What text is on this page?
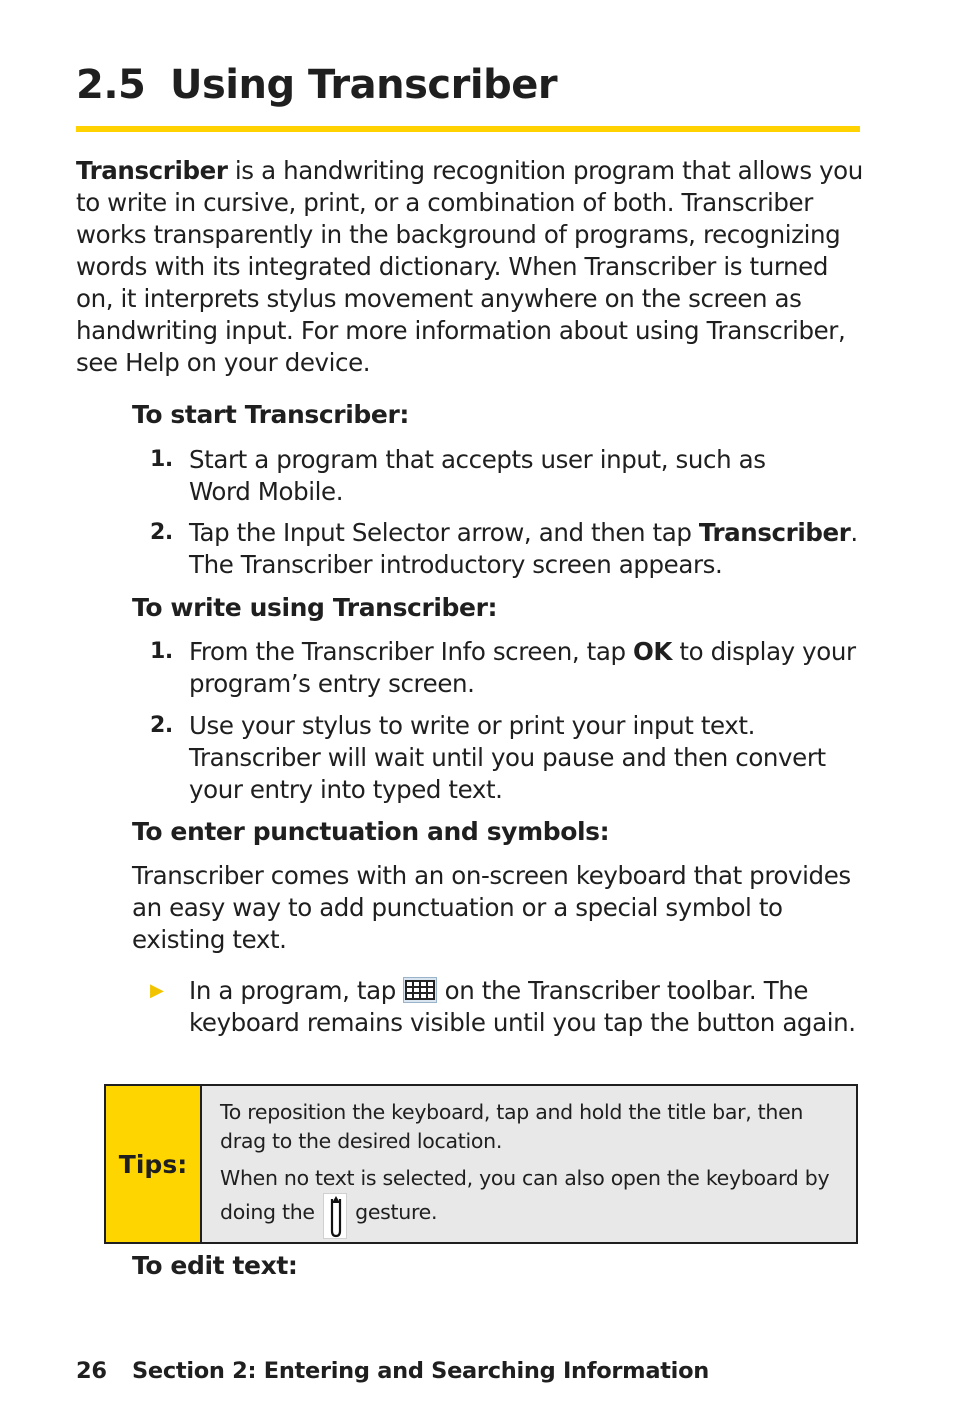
2.5 Using Transcriber
Transcriber is a handwriting recognition program that allows you to write in cursive, print, or a combination of both. Transcriber works transparently in the background of programs, recognizing words with its integrated dictionary. When Transcriber is turned on, it interprets stylus movement anywhere on the screen as handwriting input. For more information about using Transcriber, see Help on your device.
To start Transcriber:
1. Start a program that accepts user input, such as
Word Mobile.
2. Tap the Input Selector arrow, and then tap Transcriber.
The Transcriber introductory screen appears.
To write using Transcriber:
1. From the Transcriber Info screen, tap OK to display your program’s entry screen.
2. Use your stylus to write or print your input text. Transcriber will wait until you pause and then convert your entry into typed text.
To enter punctuation and symbols:
Transcriber comes with an on-screen keyboard that provides an easy way to add punctuation or a special symbol to
existing text.
▶ In a program, tap  on the Transcriber toolbar. The keyboard remains visible until you tap the button again.
Tips:

To reposition the keyboard, tap and hold the title bar, then drag to the desired location.

When no text is selected, you can also open the keyboard by doing the  gesture.

To edit text:
26 Section 2: Entering and Searching Information
